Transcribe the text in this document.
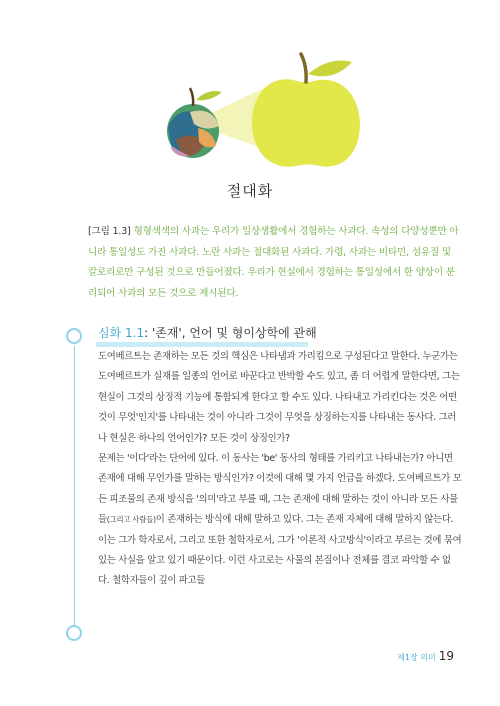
절대화
[그림 1.3] 형형색색의 사과는 우리가 일상생활에서 경험하는 사과다. 속성의 다양성뿐만 아니라 통일성도 가진 사과다. 노란 사과는 절대화된 사과다. 가령, 사과는 비타민, 섬유질 및 칼로리로만 구성된 것으로 만들어졌다. 우리가 현실에서 경험하는 통일성에서 한 양상이 분리되어 사과의 모든 것으로 제시된다.
심화 1.1: '존재', 언어 및 형이상학에 관해

도여베르트는 존재하는 모든 것의 핵심은 나타냄과 가리킴으로 구성된다고 말한다. 누군가는 도여베르트가 실재를 일종의 언어로 바꾼다고 반박할 수도 있고, 좀 더 어렵게 말한다면, 그는 현실이 그것의 상징적 기능에 통합되게 한다고 할 수도 있다. 나타내고 가리킨다는 것은 어떤 것이 무엇'인지'를 나타내는 것이 아니라 그것이 무엇을 상징하는지를 나타내는 동사다. 그러나 현실은 하나의 언어인가? 모든 것이 상징인가?

문제는 '이다'라는 단어에 있다. 이 동사는 'be' 동사의 형태를 가리키고 나타내는가? 아니면 존재에 대해 무언가를 말하는 방식인가? 이것에 대해 몇 가지 언급을 하겠다. 도여베르트가 모든 피조물의 존재 방식을 '의미'라고 부를 때, 그는 존재에 대해 말하는 것이 아니라 모든 사물들(그리고 사람들)이 존재하는 방식에 대해 말하고 있다. 그는 존재 자체에 대해 말하지 않는다. 이는 그가 학자로서, 그리고 또한 철학자로서, 그가 '이론적 사고방식'이라고 부르는 것에 묶여 있는 사실을 알고 있기 때문이다. 이런 사고로는 사물의 본질이나 전체를 결코 파악할 수 없다. 철학자들이 깊이 파고들

제1장 의미 19
